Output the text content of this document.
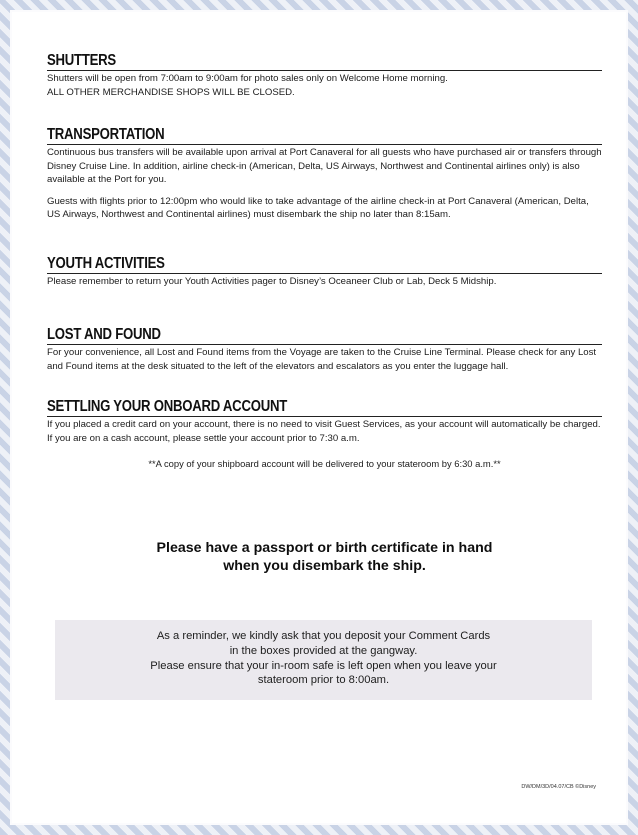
SHUTTERS
Shutters will be open from 7:00am to 9:00am for photo sales only on Welcome Home morning.
ALL OTHER MERCHANDISE SHOPS WILL BE CLOSED.
TRANSPORTATION
Continuous bus transfers will be available upon arrival at Port Canaveral for all guests who have purchased air or transfers through Disney Cruise Line. In addition, airline check-in (American, Delta, US Airways, Northwest and Continental airlines only) is also available at the Port for you.
Guests with flights prior to 12:00pm who would like to take advantage of the airline check-in at Port Canaveral (American, Delta, US Airways, Northwest and Continental airlines) must disembark the ship no later than 8:15am.
YOUTH ACTIVITIES
Please remember to return your Youth Activities pager to Disney’s Oceaneer Club or Lab, Deck 5 Midship.
LOST AND FOUND
For your convenience, all Lost and Found items from the Voyage are taken to the Cruise Line Terminal. Please check for any Lost and Found items at the desk situated to the left of the elevators and escalators as you enter the luggage hall.
SETTLING YOUR ONBOARD ACCOUNT
If you placed a credit card on your account, there is no need to visit Guest Services, as your account will automatically be charged. If you are on a cash account, please settle your account prior to 7:30 a.m.
**A copy of your shipboard account will be delivered to your stateroom by 6:30 a.m.**
Please have a passport or birth certificate in hand
when you disembark the ship.
As a reminder, we kindly ask that you deposit your Comment Cards
in the boxes provided at the gangway.
Please ensure that your in-room safe is left open when you leave your
stateroom prior to 8:00am.
DW/DM/3D/04.07/CB ©Disney
